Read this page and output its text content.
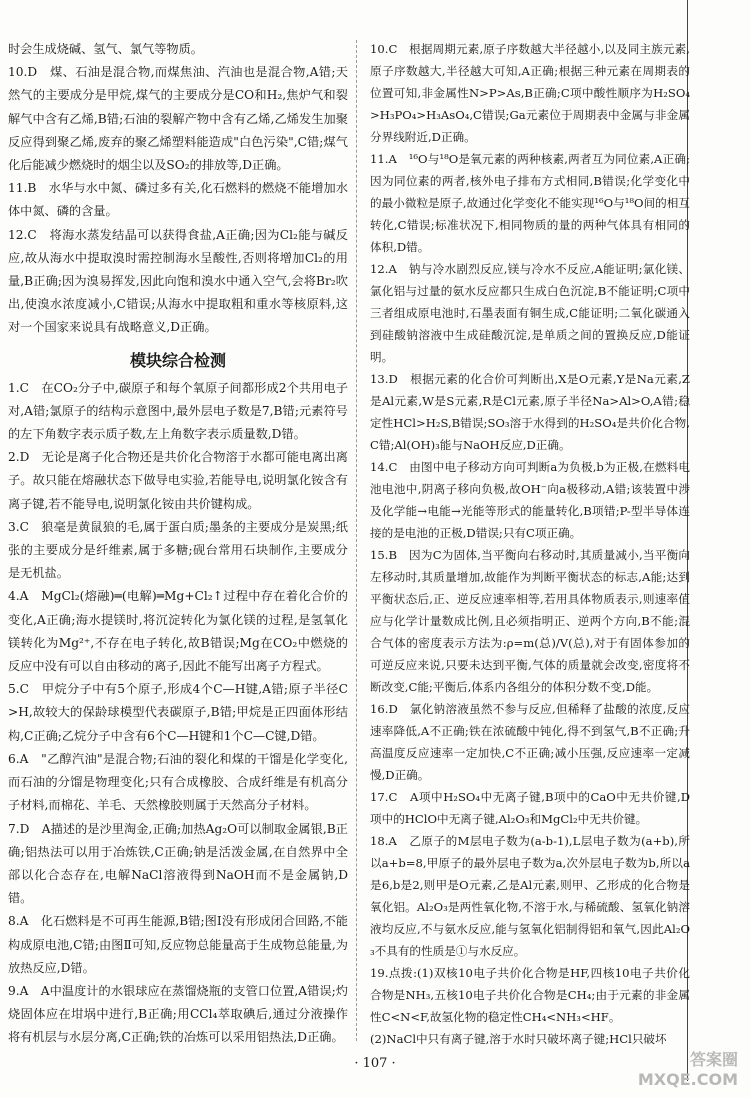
时会生成烧碱、氢气、氯气等物质。

10.D　煤、石油是混合物,而煤焦油、汽油也是混合物,A错;天然气的主要成分是甲烷,煤气的主要成分是CO和H₂,焦炉气和裂解气中含有乙烯,B错;石油的裂解产物中含有乙烯,乙烯发生加聚反应得到聚乙烯,废弃的聚乙烯塑料能造成"白色污染",C错;煤气化后能减少燃烧时的烟尘以及SO₂的排放等,D正确。

11.B　水华与水中氮、磷过多有关,化石燃料的燃烧不能增加水体中氮、磷的含量。

12.C　将海水蒸发结晶可以获得食盐,A正确;因为Cl₂能与碱反应,故从海水中提取溴时需控制海水呈酸性,否则将增加Cl₂的用量,B正确;因为溴易挥发,因此向饱和溴水中通入空气,会将Br₂吹出,使溴水浓度减小,C错误;从海水中提取粗和重水等核原料,这对一个国家来说具有战略意义,D正确。

模块综合检测

1.C　在CO₂分子中,碳原子和每个氧原子间都形成2个共用电子对,A错;氯原子的结构示意图中,最外层电子数是7,B错;元素符号的左下角数字表示质子数,左上角数字表示质量数,D错。

2.D　无论是离子化合物还是共价化合物溶于水都可能电离出离子。故只能在熔融状态下做导电实验,若能导电,说明氯化铵含有离子键,若不能导电,说明氯化铵由共价键构成。

3.C　狼毫是黄鼠狼的毛,属于蛋白质;墨条的主要成分是炭黑;纸张的主要成分是纤维素,属于多糖;砚台常用石块制作,主要成分是无机盐。

4.A　MgCl₂(熔融)═(电解)═Mg+Cl₂↑过程中存在着化合价的变化,A正确;海水提镁时,将沉淀转化为氯化镁的过程,是氢氧化镁转化为Mg²⁺,不存在电子转化,故B错误;Mg在CO₂中燃烧的反应中没有可以自由移动的离子,因此不能写出离子方程式。

5.C　甲烷分子中有5个原子,形成4个C—H键,A错;原子半径C>H,故较大的保龄球模型代表碳原子,B错;甲烷是正四面体形结构,C正确;乙烷分子中含有6个C—H键和1个C—C键,D错。

6.A　"乙醇汽油"是混合物;石油的裂化和煤的干馏是化学变化,而石油的分馏是物理变化;只有合成橡胶、合成纤维是有机高分子材料,而棉花、羊毛、天然橡胶则属于天然高分子材料。

7.D　A描述的是沙里淘金,正确;加热Ag₂O可以制取金属银,B正确;铝热法可以用于冶炼铁,C正确;钠是活泼金属,在自然界中全部以化合态存在,电解NaCl溶液得到NaOH而不是金属钠,D错。

8.A　化石燃料是不可再生能源,B错;图Ⅰ没有形成闭合回路,不能构成原电池,C错;由图Ⅱ可知,反应物总能量高于生成物总能量,为放热反应,D错。

9.A　A中温度计的水银球应在蒸馏烧瓶的支管口位置,A错误;灼烧固体应在坩埚中进行,B正确;用CCl₄萃取碘后,通过分液操作将有机层与水层分离,C正确;铁的冶炼可以采用铝热法,D正确。

10.C　根据周期元素,原子序数越大半径越小,以及同主族元素,原子序数越大,半径越大可知,A正确;根据三种元素在周期表的位置可知,非金属性N>P>As,B正确;C项中酸性顺序为H₂SO₄>H₃PO₄>H₃AsO₄,C错误;Ga元素位于周期表中金属与非金属分界线附近,D正确。

11.A　¹⁶O与¹⁸O是氧元素的两种核素,两者互为同位素,A正确;因为同位素的两者,核外电子排布方式相同,B错误;化学变化中的最小微粒是原子,故通过化学变化不能实现¹⁶O与¹⁸O间的相互转化,C错误;标准状况下,相同物质的量的两种气体具有相同的体积,D错。

12.A　钠与冷水剧烈反应,镁与冷水不反应,A能证明;氯化镁、氯化铝与过量的氨水反应都只生成白色沉淀,B不能证明;C项中三者组成原电池时,石墨表面有铜生成,C能证明;二氧化碳通入到硅酸钠溶液中生成硅酸沉淀,是单质之间的置换反应,D能证明。

13.D　根据元素的化合价可判断出,X是O元素,Y是Na元素,Z是Al元素,W是S元素,R是Cl元素,原子半径Na>Al>O,A错;稳定性HCl>H₂S,B错误;SO₃溶于水得到的H₂SO₄是共价化合物,C错;Al(OH)₃能与NaOH反应,D正确。

14.C　由图中电子移动方向可判断a为负极,b为正极,在燃料电池电池中,阴离子移向负极,故OH⁻向a极移动,A错;该装置中涉及化学能→电能→光能等形式的能量转化,B项错;P-型半导体连接的是电池的正极,D错误;只有C项正确。

15.B　因为C为固体,当平衡向右移动时,其质量减小,当平衡向左移动时,其质量增加,故能作为判断平衡状态的标志,A能;达到平衡状态后,正、逆反应速率相等,若用具体物质表示,则速率值应与化学计量数成比例,且必须指明正、逆两个方向,B不能;混合气体的密度表示方法为:ρ=m(总)/V(总),对于有固体参加的可逆反应来说,只要未达到平衡,气体的质量就会改变,密度将不断改变,C能;平衡后,体系内各组分的体积分数不变,D能。

16.D　氯化钠溶液虽然不参与反应,但稀释了盐酸的浓度,反应速率降低,A不正确;铁在浓硫酸中钝化,得不到氢气,B不正确;升高温度反应速率一定加快,C不正确;减小压强,反应速率一定减慢,D正确。

17.C　A项中H₂SO₄中无离子键,B项中的CaO中无共价键,D项中的HClO中无离子键,Al₂O₃和MgCl₂中无共价键。

18.A　乙原子的M层电子数为(a-b-1),L层电子数为(a+b),所以a+b=8,甲原子的最外层电子数为a,次外层电子数为b,所以a是6,b是2,则甲是O元素,乙是Al元素,则甲、乙形成的化合物是氧化铝。Al₂O₃是两性氧化物,不溶于水,与稀硫酸、氢氧化钠溶液均反应,不与氨水反应,能与氢氧化铝制得铝和氧气,因此Al₂O₃不具有的性质是①与水反应。

19.点拨:(1)双核10电子共价化合物是HF,四核10电子共价化合物是NH₃,五核10电子共价化合物是CH₄;由于元素的非金属性C<N<F,故氢化物的稳定性CH₄<NH₃<HF。

(2)NaCl中只有离子键,溶于水时只破坏离子键;HCl只破坏

· 107 ·	答案圈
MXQE.COM
